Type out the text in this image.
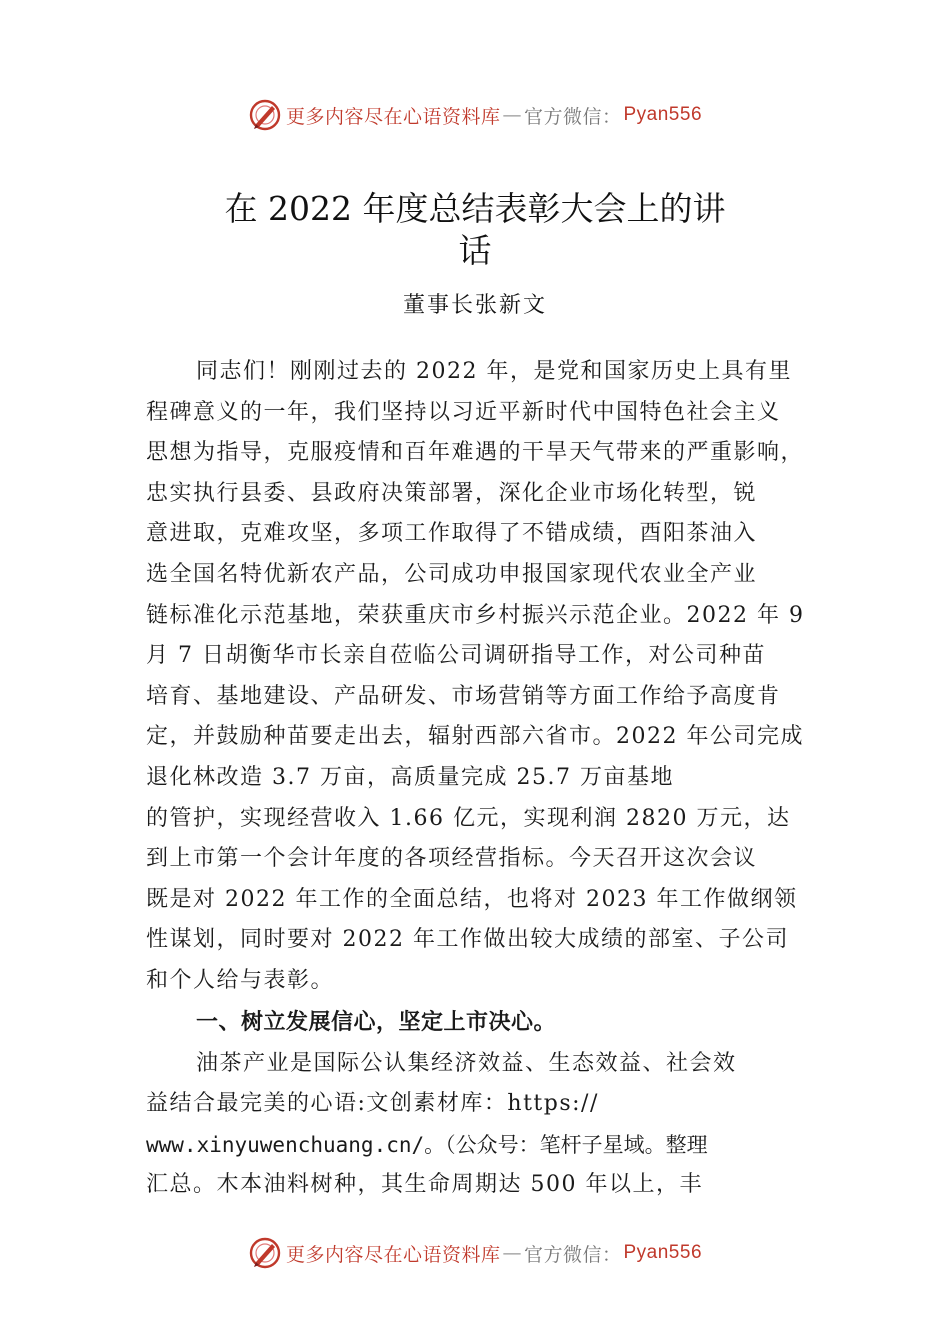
更多内容尽在心语资料库 — 官方微信： Pyan556
在 2022 年度总结表彰大会上的讲
话
董事长张新文
同志们！刚刚过去的 2022 年，是党和国家历史上具有里
程碑意义的一年，我们坚持以习近平新时代中国特色社会主义
思想为指导，克服疫情和百年难遇的干旱天气带来的严重影响，
忠实执行县委、县政府决策部署，深化企业市场化转型，锐
意进取，克难攻坚，多项工作取得了不错成绩，酉阳茶油入
选全国名特优新农产品，公司成功申报国家现代农业全产业
链标准化示范基地，荣获重庆市乡村振兴示范企业。2022 年 9
月 7 日胡衡华市长亲自莅临公司调研指导工作，对公司种苗
培育、基地建设、产品研发、市场营销等方面工作给予高度肯
定，并鼓励种苗要走出去，辐射西部六省市。2022 年公司完成
退化林改造 3.7 万亩，高质量完成 25.7 万亩基地
的管护，实现经营收入 1.66 亿元，实现利润 2820 万元，达
到上市第一个会计年度的各项经营指标。今天召开这次会议
既是对 2022 年工作的全面总结，也将对 2023 年工作做纲领
性谋划，同时要对 2022 年工作做出较大成绩的部室、子公司
和个人给与表彰。
一、树立发展信心，坚定上市决心。
油茶产业是国际公认集经济效益、生态效益、社会效
益结合最完美的心语:文创素材库：https://
www.xinyuwenchuang.cn/。（公众号：笔杆子星域。整理
汇总。木本油料树种，其生命周期达 500 年以上，丰
更多内容尽在心语资料库 — 官方微信： Pyan556
